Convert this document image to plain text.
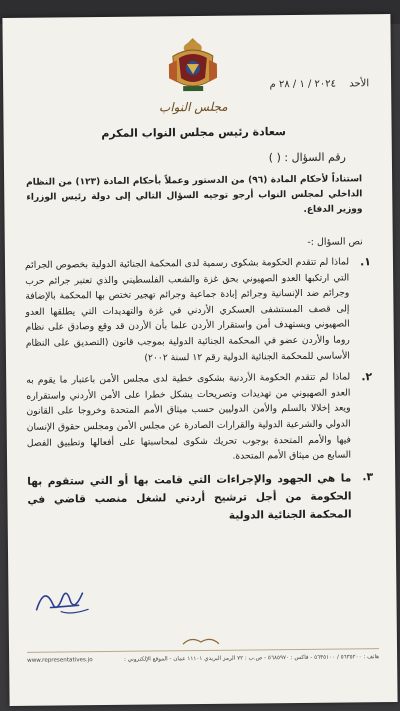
مجلس النواب
الأحد ٢٠٢٤ / ١ / ٢٨ م
سعادة رئيس مجلس النواب المكرم
رقم السؤال : ( )
استناداً لأحكام المادة (٩٦) من الدستور وعملاً بأحكام المادة (١٢٣) من النظام الداخلي لمجلس النواب أرجو توجيه السؤال التالي إلى دولة رئيس الوزراء ووزير الدفاع.
نص السؤال :-
١.
لماذا لم تتقدم الحكومة بشكوى رسمية لدى المحكمة الجنائية الدولية بخصوص الجرائم التي ارتكبها العدو الصهيوني بحق غزة والشعب الفلسطيني والذي تعتبر جرائم حرب وجرائم ضد الإنسانية وجرائم إبادة جماعية وجرائم تهجير تختص بها المحكمة بالإضافة إلى قصف المستشفى العسكري الأردني في غزة والتهديدات التي يطلقها العدو الصهيوني ويستهدف أمن واستقرار الأردن علما بأن الأردن قد وقع وصادق على نظام روما والأردن عضو في المحكمة الجنائية الدولية بموجب قانون (التصديق على النظام الأساسي للمحكمة الجنائية الدولية رقم ١٢ لسنة ٢٠٠٢)
٢.
لماذا لم تتقدم الحكومة الأردنية بشكوى خطية لدى مجلس الأمن باعتبار ما يقوم به العدو الصهيوني من تهديدات وتصريحات يشكل خطرا على الأمن الأردني واستقراره ويعد إخلالا بالسلم والأمن الدوليين حسب ميثاق الأمم المتحدة وخروجا على القانون الدولي والشرعية الدولية والقرارات الصادرة عن مجلس الأمن ومجلس حقوق الإنسان فيها والأمم المتحدة بوجوب تحريك شكوى لمحاسبتها على أفعالها وتطبيق الفصل السابع من ميثاق الأمم المتحدة.
٣.
ما هي الجهود والإجراءات التي قامت بها أو التي ستقوم بها الحكومة من أجل ترشيح أردني لشغل منصب قاضي في المحكمة الجنائية الدولية
هاتف : ٥٦٣٥٢٠٠ / ٥٦٣٥١٠٠ - فاكس : ٥٦٨٥٩٧٠ - ص.ب : ٧٢ الرمز البريدي ١١١٠١ عمان - الموقع الإلكتروني :
www.representatives.jo
